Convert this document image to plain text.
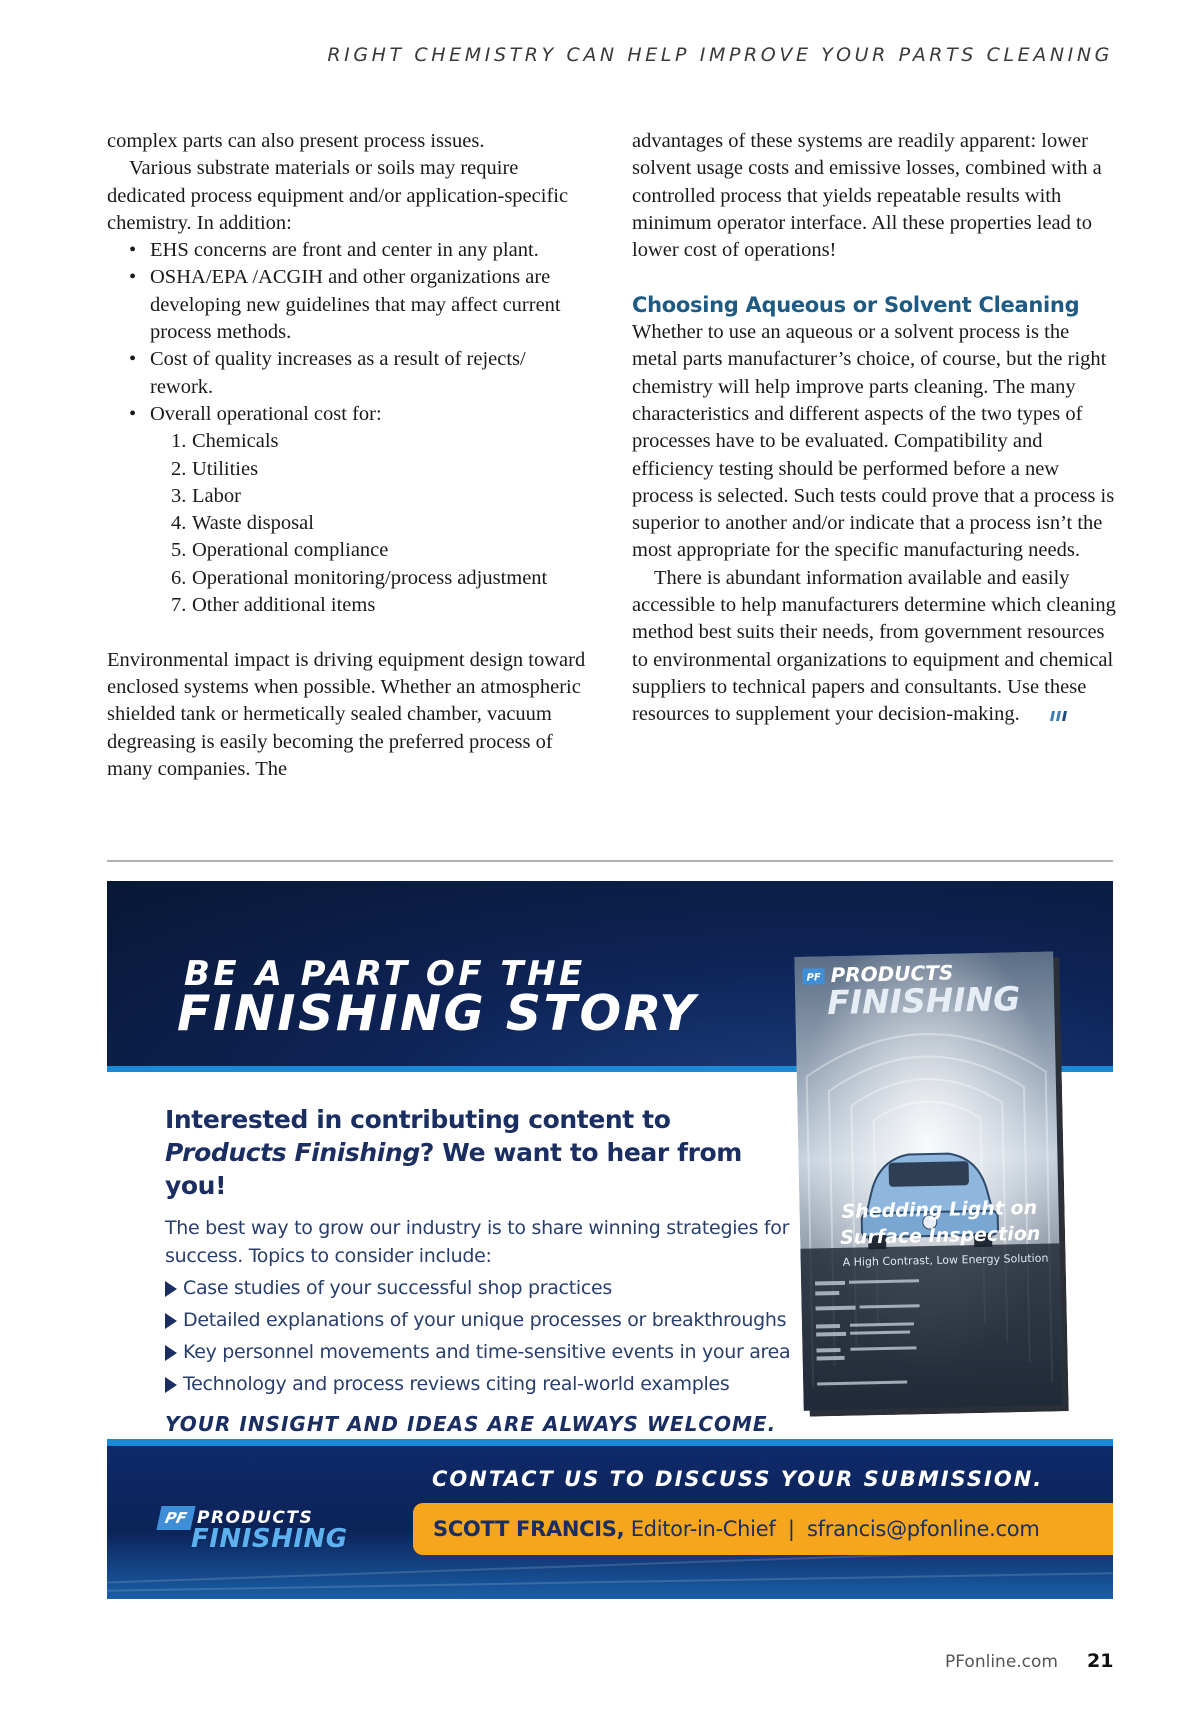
RIGHT CHEMISTRY CAN HELP IMPROVE YOUR PARTS CLEANING

complex parts can also present process issues.

Various substrate materials or soils may require dedicated process equipment and/or application-specific chemistry. In addition:

• EHS concerns are front and center in any plant.
• OSHA/EPA /ACGIH and other organizations are developing new guidelines that may affect current process methods.
• Cost of quality increases as a result of rejects/ rework.
• Overall operational cost for:
1. Chemicals
2. Utilities
3. Labor
4. Waste disposal
5. Operational compliance
6. Operational monitoring/process adjustment
7. Other additional items

Environmental impact is driving equipment design toward enclosed systems when possible. Whether an atmospheric shielded tank or hermetically sealed chamber, vacuum degreasing is easily becoming the preferred process of many companies. The

advantages of these systems are readily apparent: lower solvent usage costs and emissive losses, combined with a controlled process that yields repeatable results with minimum operator interface. All these properties lead to lower cost of operations!

Choosing Aqueous or Solvent Cleaning

Whether to use an aqueous or a solvent process is the metal parts manufacturer’s choice, of course, but the right chemistry will help improve parts cleaning. The many characteristics and different aspects of the two types of processes have to be evaluated. Compatibility and efficiency testing should be performed before a new process is selected. Such tests could prove that a process is superior to another and/or indicate that a process isn’t the most appropriate for the specific manufacturing needs.

There is abundant information available and easily accessible to help manufacturers determine which cleaning method best suits their needs, from government resources to environmental organizations to equipment and chemical suppliers to technical papers and consultants. Use these resources to supplement your decision-making.

BE A PART OF THE
FINISHING STORY
Interested in contributing content to
Products Finishing? We want to hear from you!
The best way to grow our industry is to share winning strategies for success. Topics to consider include:
Case studies of your successful shop practices
Detailed explanations of your unique processes or breakthroughs
Key personnel movements and time-sensitive events in your area
Technology and process reviews citing real-world examples
YOUR INSIGHT AND IDEAS ARE ALWAYS WELCOME.
PF PRODUCTS
FINISHING
Shedding Light on
Surface Inspection
A High Contrast, Low Energy Solution
PF PRODUCTS
FINISHING
CONTACT US TO DISCUSS YOUR SUBMISSION.
SCOTT FRANCIS, Editor-in-Chief | sfrancis@pfonline.com
PFonline.com 21
